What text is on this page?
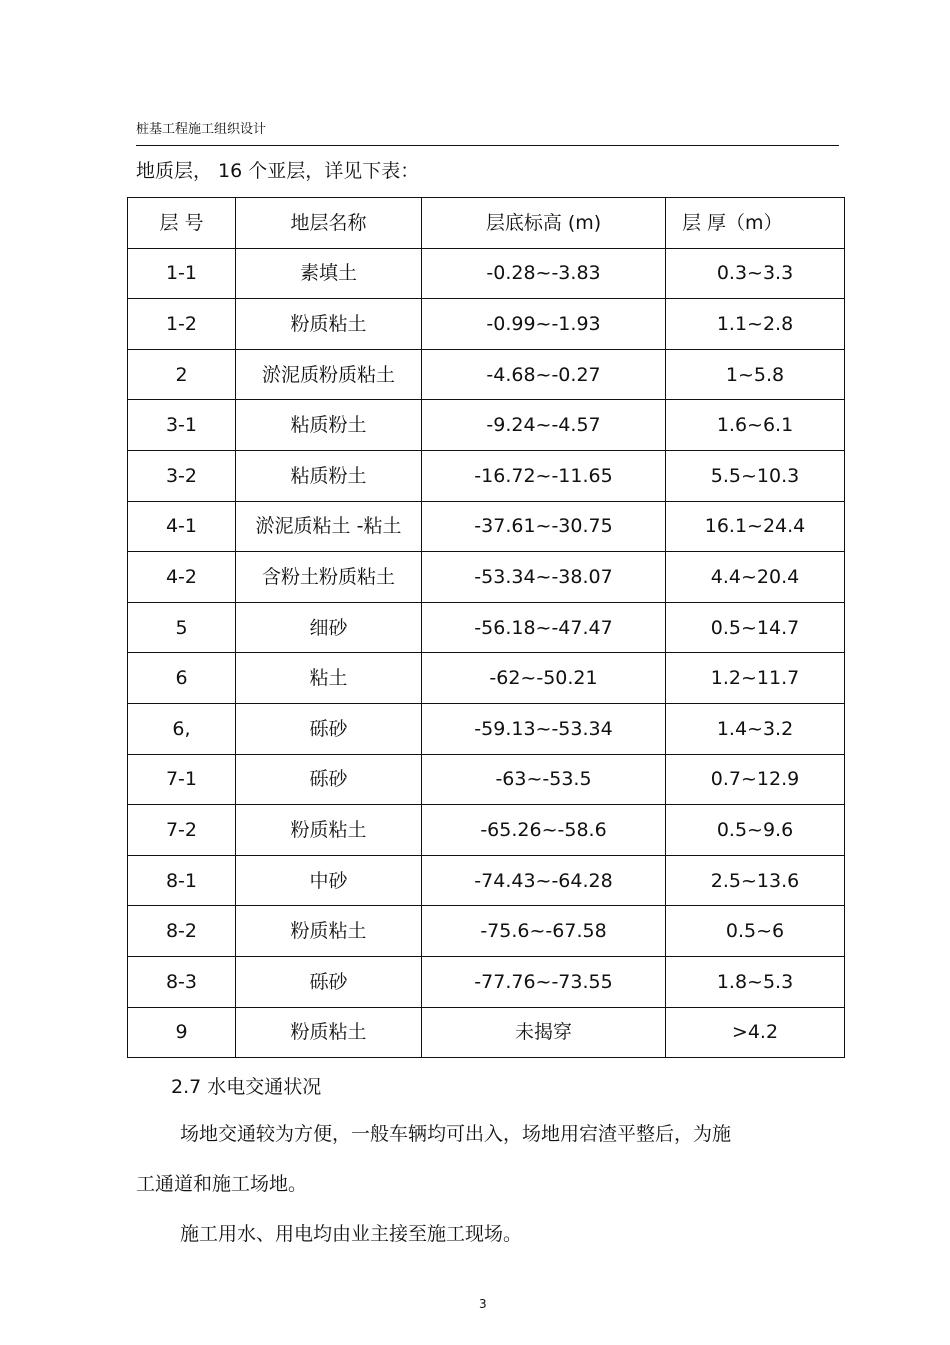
桩基工程施工组织设计
地质层， 16 个亚层，详见下表：
层 号	地层名称	层底标高 (m)	层 厚（m）
1-1	素填土	-0.28~-3.83	0.3~3.3
1-2	粉质粘土	-0.99~-1.93	1.1~2.8
2	淤泥质粉质粘土	-4.68~-0.27	1~5.8
3-1	粘质粉土	-9.24~-4.57	1.6~6.1
3-2	粘质粉土	-16.72~-11.65	5.5~10.3
4-1	淤泥质粘土 -粘土	-37.61~-30.75	16.1~24.4
4-2	含粉土粉质粘土	-53.34~-38.07	4.4~20.4
5	细砂	-56.18~-47.47	0.5~14.7
6	粘土	-62~-50.21	1.2~11.7
6,	砾砂	-59.13~-53.34	1.4~3.2
7-1	砾砂	-63~-53.5	0.7~12.9
7-2	粉质粘土	-65.26~-58.6	0.5~9.6
8-1	中砂	-74.43~-64.28	2.5~13.6
8-2	粉质粘土	-75.6~-67.58	0.5~6
8-3	砾砂	-77.76~-73.55	1.8~5.3
9	粉质粘土	未揭穿	>4.2
2.7 水电交通状况
场地交通较为方便，一般车辆均可出入，场地用宕渣平整后，为施
工通道和施工场地。
施工用水、用电均由业主接至施工现场。
3
